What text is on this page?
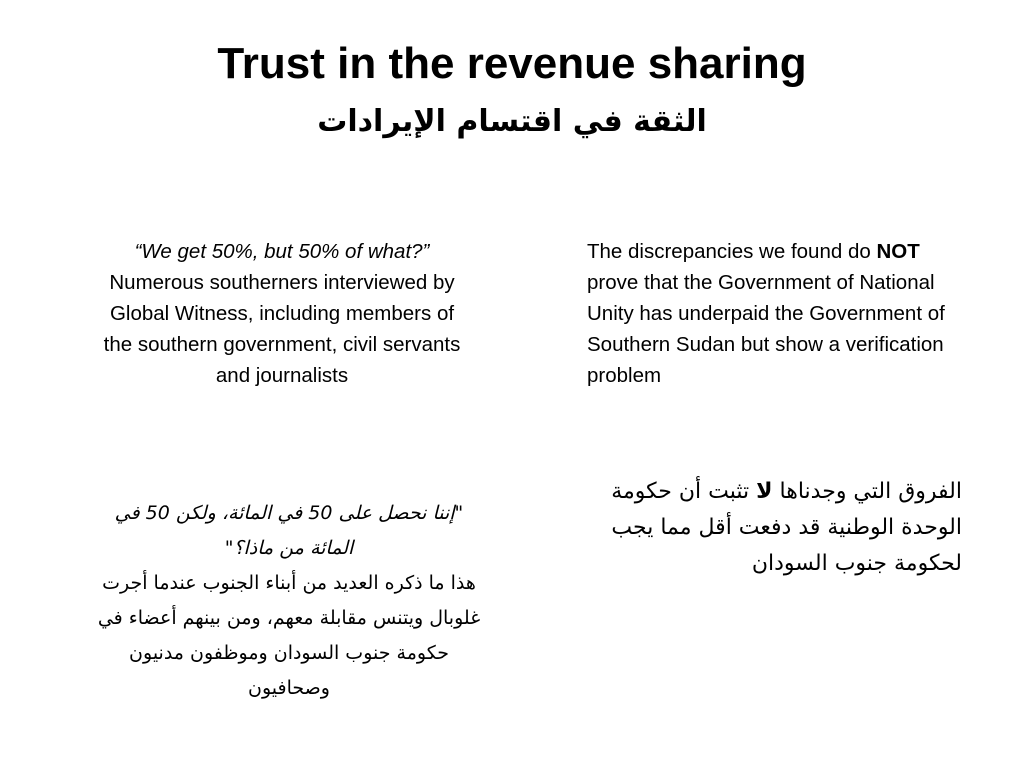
Trust in the revenue sharing
الثقة في اقتسام الإيرادات
“We get 50%, but 50% of what?”
Numerous southerners interviewed by Global Witness, including members of the southern government, civil servants and journalists
The discrepancies we found do NOT prove that the Government of National Unity has underpaid the Government of Southern Sudan but show a verification problem
"إننا نحصل على 50 في المائة، ولكن 50 في المائة من ماذا؟"
هذا ما ذكره العديد من أبناء الجنوب عندما أجرت غلوبال ويتنس مقابلة معهم، ومن بينهم أعضاء في حكومة جنوب السودان وموظفون مدنيون وصحافيون
الفروق التي وجدناها لا تثبت أن حكومة الوحدة الوطنية قد دفعت أقل مما يجب لحكومة جنوب السودان
